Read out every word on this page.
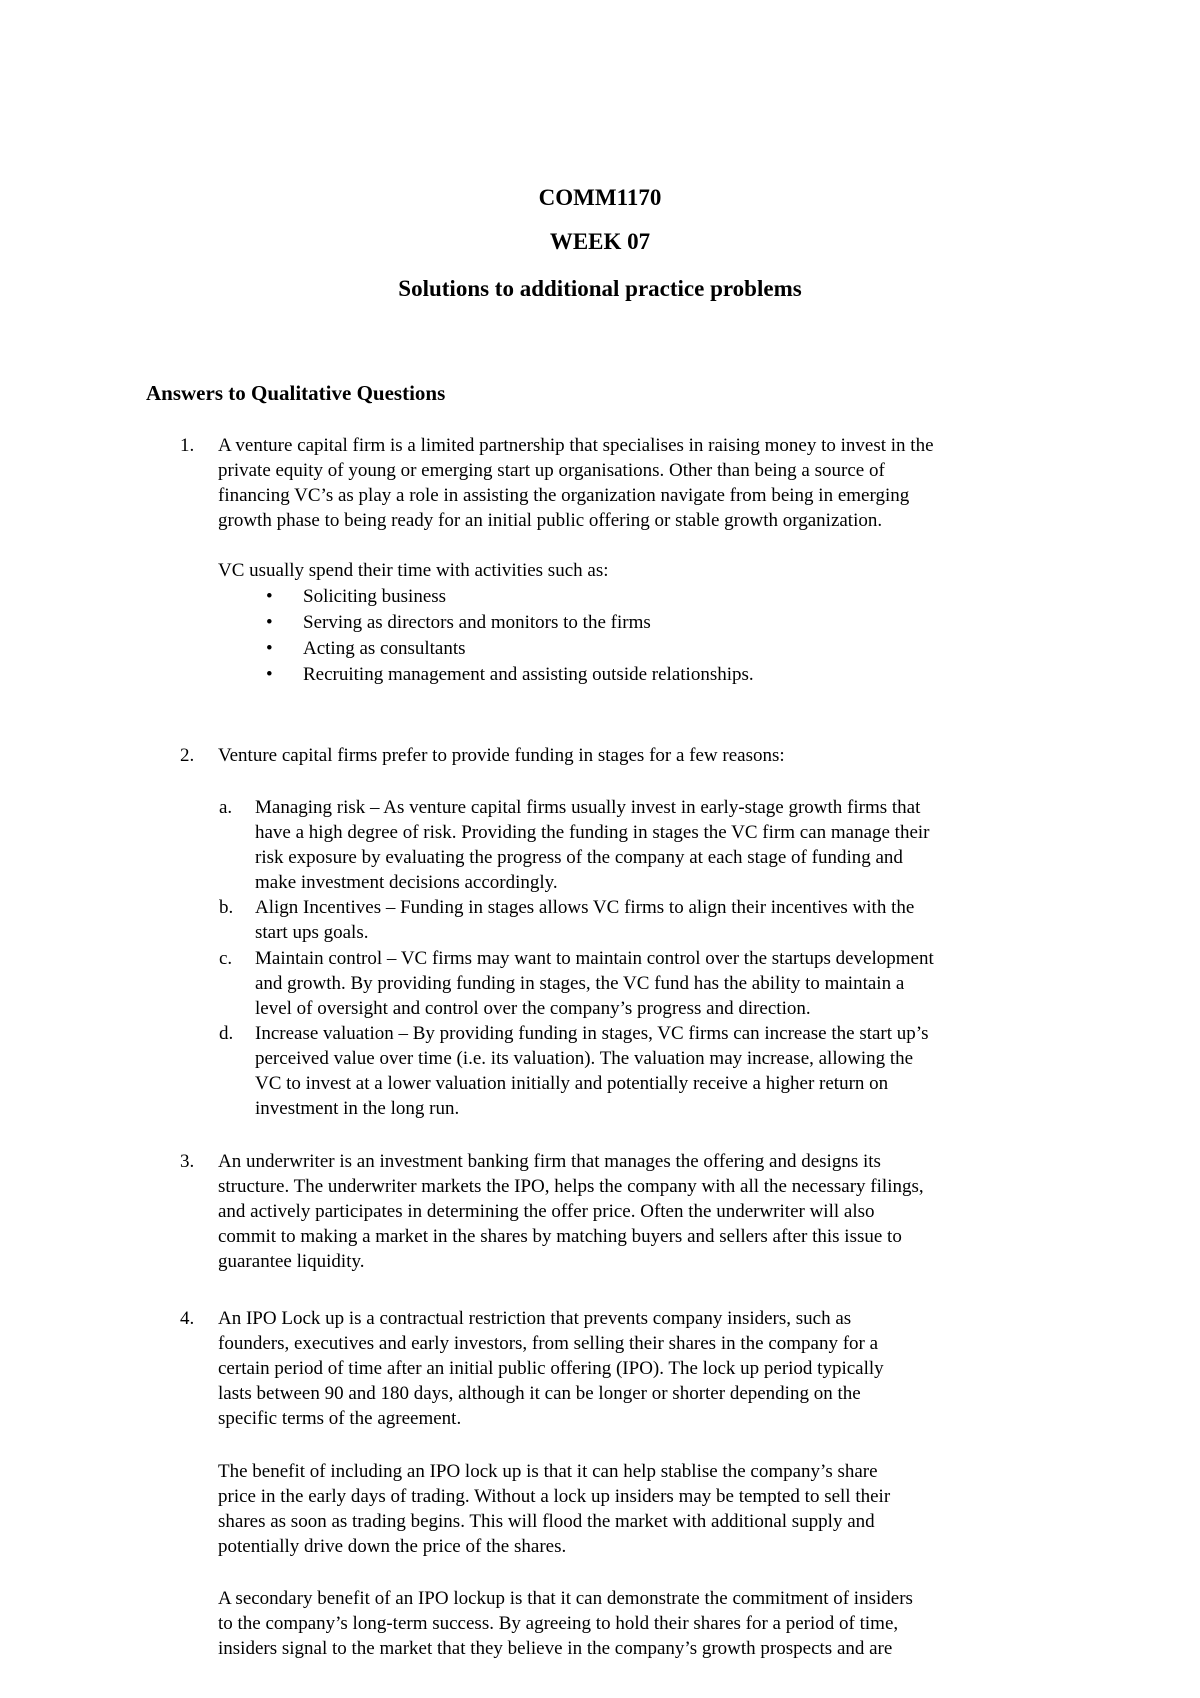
COMM1170
WEEK 07
Solutions to additional practice problems
Answers to Qualitative Questions
1. A venture capital firm is a limited partnership that specialises in raising money to invest in the
private equity of young or emerging start up organisations. Other than being a source of
financing VC’s as play a role in assisting the organization navigate from being in emerging
growth phase to being ready for an initial public offering or stable growth organization.

VC usually spend their time with activities such as:

• Soliciting business
• Serving as directors and monitors to the firms
• Acting as consultants
• Recruiting management and assisting outside relationships.
2. Venture capital firms prefer to provide funding in stages for a few reasons:

a. Managing risk – As venture capital firms usually invest in early-stage growth firms that
have a high degree of risk. Providing the funding in stages the VC firm can manage their
risk exposure by evaluating the progress of the company at each stage of funding and
make investment decisions accordingly.
b. Align Incentives – Funding in stages allows VC firms to align their incentives with the
start ups goals.
c. Maintain control – VC firms may want to maintain control over the startups development
and growth. By providing funding in stages, the VC fund has the ability to maintain a
level of oversight and control over the company’s progress and direction.
d. Increase valuation – By providing funding in stages, VC firms can increase the start up’s
perceived value over time (i.e. its valuation). The valuation may increase, allowing the
VC to invest at a lower valuation initially and potentially receive a higher return on
investment in the long run.
3. An underwriter is an investment banking firm that manages the offering and designs its
structure. The underwriter markets the IPO, helps the company with all the necessary filings,
and actively participates in determining the offer price. Often the underwriter will also
commit to making a market in the shares by matching buyers and sellers after this issue to
guarantee liquidity.

4. An IPO Lock up is a contractual restriction that prevents company insiders, such as
founders, executives and early investors, from selling their shares in the company for a
certain period of time after an initial public offering (IPO). The lock up period typically
lasts between 90 and 180 days, although it can be longer or shorter depending on the
specific terms of the agreement.

The benefit of including an IPO lock up is that it can help stablise the company’s share
price in the early days of trading. Without a lock up insiders may be tempted to sell their
shares as soon as trading begins. This will flood the market with additional supply and
potentially drive down the price of the shares.

A secondary benefit of an IPO lockup is that it can demonstrate the commitment of insiders
to the company’s long-term success. By agreeing to hold their shares for a period of time,
insiders signal to the market that they believe in the company’s growth prospects and are
